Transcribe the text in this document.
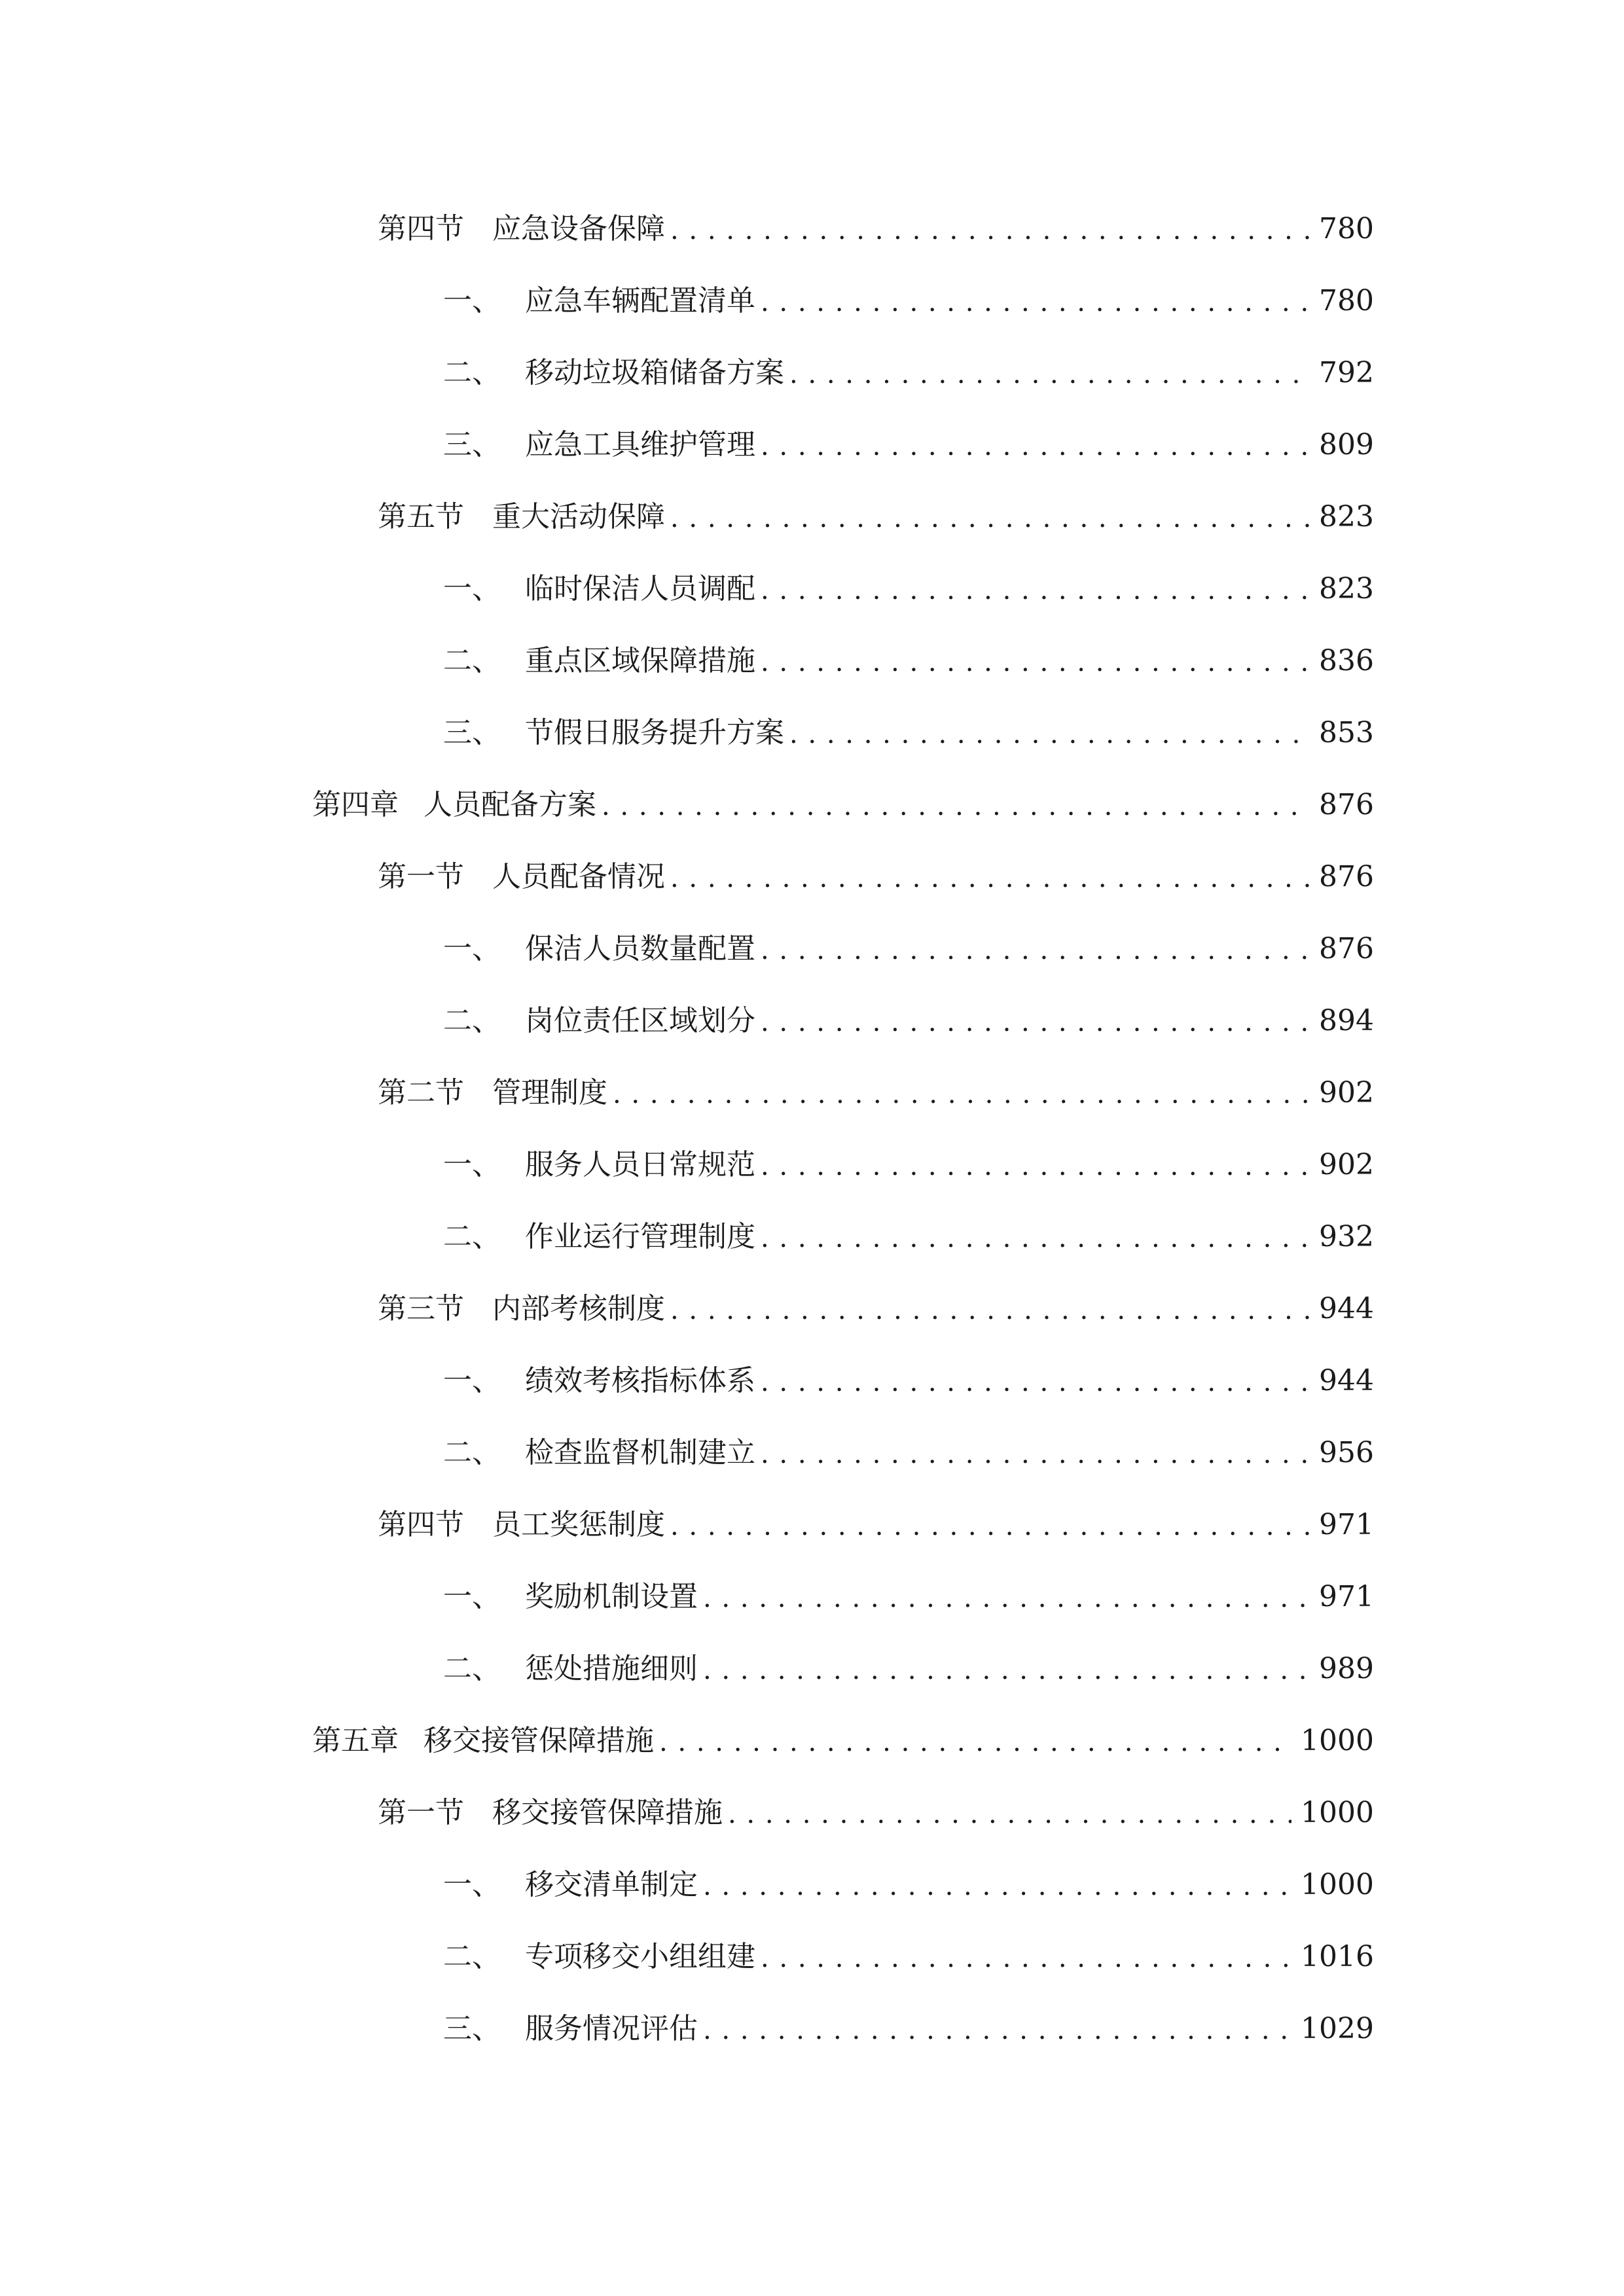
第四节 应急设备保障 . . .	780
一、 应急车辆配置清单 . . .	780
二、 移动垃圾箱储备方案 . . .	792
三、 应急工具维护管理 . . .	809
第五节 重大活动保障 . . .	823
一、 临时保洁人员调配 . . .	823
二、 重点区域保障措施 . . .	836
三、 节假日服务提升方案 . . .	853
第四章 人员配备方案 . . .	876
第一节 人员配备情况 . . .	876
一、 保洁人员数量配置 . . .	876
二、 岗位责任区域划分 . . .	894
第二节 管理制度 . . .	902
一、 服务人员日常规范 . . .	902
二、 作业运行管理制度 . . .	932
第三节 内部考核制度 . . .	944
一、 绩效考核指标体系 . . .	944
二、 检查监督机制建立 . . .	956
第四节 员工奖惩制度 . . .	971
一、 奖励机制设置 . . .	971
二、 惩处措施细则 . . .	989
第五章 移交接管保障措施 . . .	1000
第一节 移交接管保障措施 . . .	1000
一、 移交清单制定 . . .	1000
二、 专项移交小组组建 . . .	1016
三、 服务情况评估 . . .	1029
